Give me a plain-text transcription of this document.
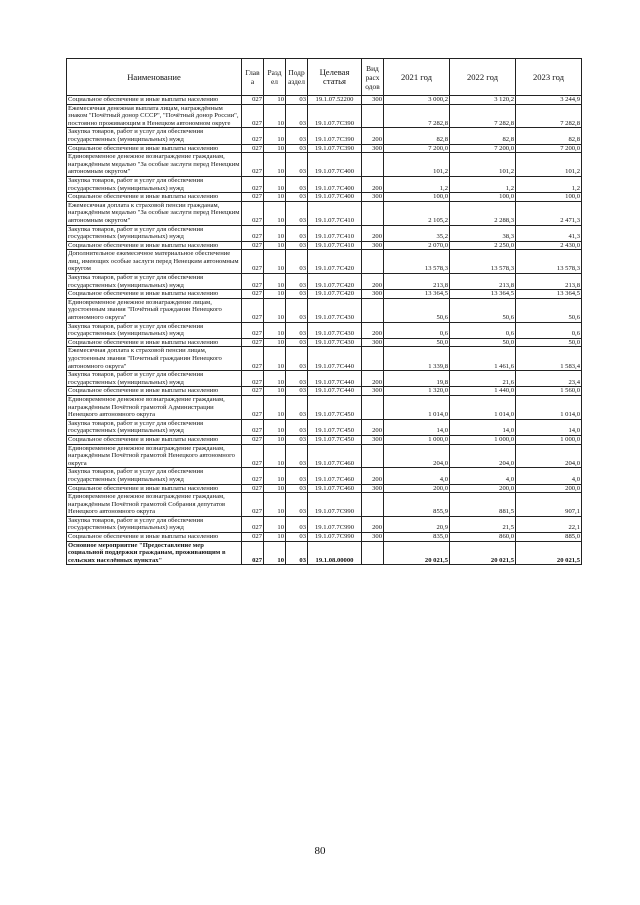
Наименование	Глав а	Разд ел	Подр аздел	Целевая статья	Вид расх одов	2021 год	2022 год	2023 год
Социальное обеспечение и иные выплаты населению	027	10	03	19.1.07.52200	300	3 000,2	3 120,2	3 244,9
Ежемесячная денежная выплата лицам, награждённым знаком "Почётный донор СССР", "Почётный донор России", постоянно проживающим в Ненецком автономном округе	027	10	03	19.1.07.7С390		7 282,8	7 282,8	7 282,8
Закупка товаров, работ и услуг для обеспечения государственных (муниципальных) нужд	027	10	03	19.1.07.7С390	200	82,8	82,8	82,8
Социальное обеспечение и иные выплаты населению	027	10	03	19.1.07.7С390	300	7 200,0	7 200,0	7 200,0
Единовременное денежное вознаграждение гражданам, награждённым медалью "За особые заслуги перед Ненецким автономным округом"	027	10	03	19.1.07.7С400		101,2	101,2	101,2
Закупка товаров, работ и услуг для обеспечения государственных (муниципальных) нужд	027	10	03	19.1.07.7С400	200	1,2	1,2	1,2
Социальное обеспечение и иные выплаты населению	027	10	03	19.1.07.7С400	300	100,0	100,0	100,0
Ежемесячная доплата к страховой пенсии гражданам, награждённым медалью "За особые заслуги перед Ненецким автономным округом"	027	10	03	19.1.07.7С410		2 105,2	2 288,3	2 471,3
Закупка товаров, работ и услуг для обеспечения государственных (муниципальных) нужд	027	10	03	19.1.07.7С410	200	35,2	38,3	41,3
Социальное обеспечение и иные выплаты населению	027	10	03	19.1.07.7С410	300	2 070,0	2 250,0	2 430,0
Дополнительное ежемесячное материальное обеспечение лиц, имеющих особые заслуги перед Ненецким автономным округом	027	10	03	19.1.07.7С420		13 578,3	13 578,3	13 578,3
Закупка товаров, работ и услуг для обеспечения государственных (муниципальных) нужд	027	10	03	19.1.07.7С420	200	213,8	213,8	213,8
Социальное обеспечение и иные выплаты населению	027	10	03	19.1.07.7С420	300	13 364,5	13 364,5	13 364,5
Единовременное денежное вознаграждение лицам, удостоенным звания "Почётный гражданин Ненецкого автономного округа"	027	10	03	19.1.07.7С430		50,6	50,6	50,6
Закупка товаров, работ и услуг для обеспечения государственных (муниципальных) нужд	027	10	03	19.1.07.7С430	200	0,6	0,6	0,6
Социальное обеспечение и иные выплаты населению	027	10	03	19.1.07.7С430	300	50,0	50,0	50,0
Ежемесячная доплата к страховой пенсии лицам, удостоенным звания "Почетный гражданин Ненецкого автономного округа"	027	10	03	19.1.07.7С440		1 339,8	1 461,6	1 583,4
Закупка товаров, работ и услуг для обеспечения государственных (муниципальных) нужд	027	10	03	19.1.07.7С440	200	19,8	21,6	23,4
Социальное обеспечение и иные выплаты населению	027	10	03	19.1.07.7С440	300	1 320,0	1 440,0	1 560,0
Единовременное денежное вознаграждение гражданам, награждённым Почётной грамотой Администрации Ненецкого автономного округа	027	10	03	19.1.07.7С450		1 014,0	1 014,0	1 014,0
Закупка товаров, работ и услуг для обеспечения государственных (муниципальных) нужд	027	10	03	19.1.07.7С450	200	14,0	14,0	14,0
Социальное обеспечение и иные выплаты населению	027	10	03	19.1.07.7С450	300	1 000,0	1 000,0	1 000,0
Единовременное денежное вознаграждение гражданам, награждённым Почётной грамотой Ненецкого автономного округа	027	10	03	19.1.07.7С460		204,0	204,0	204,0
Закупка товаров, работ и услуг для обеспечения государственных (муниципальных) нужд	027	10	03	19.1.07.7С460	200	4,0	4,0	4,0
Социальное обеспечение и иные выплаты населению	027	10	03	19.1.07.7С460	300	200,0	200,0	200,0
Единовременное денежное вознаграждение гражданам, награждённым Почётной грамотой Собрания депутатов Ненецкого автономного округа	027	10	03	19.1.07.7С990		855,9	881,5	907,1
Закупка товаров, работ и услуг для обеспечения государственных (муниципальных) нужд	027	10	03	19.1.07.7С990	200	20,9	21,5	22,1
Социальное обеспечение и иные выплаты населению	027	10	03	19.1.07.7С990	300	835,0	860,0	885,0
Основное мероприятие "Предоставление мер социальной поддержки гражданам, проживающим в сельских населённых пунктах"	027	10	03	19.1.08.00000		20 021,5	20 021,5	20 021,5
80
